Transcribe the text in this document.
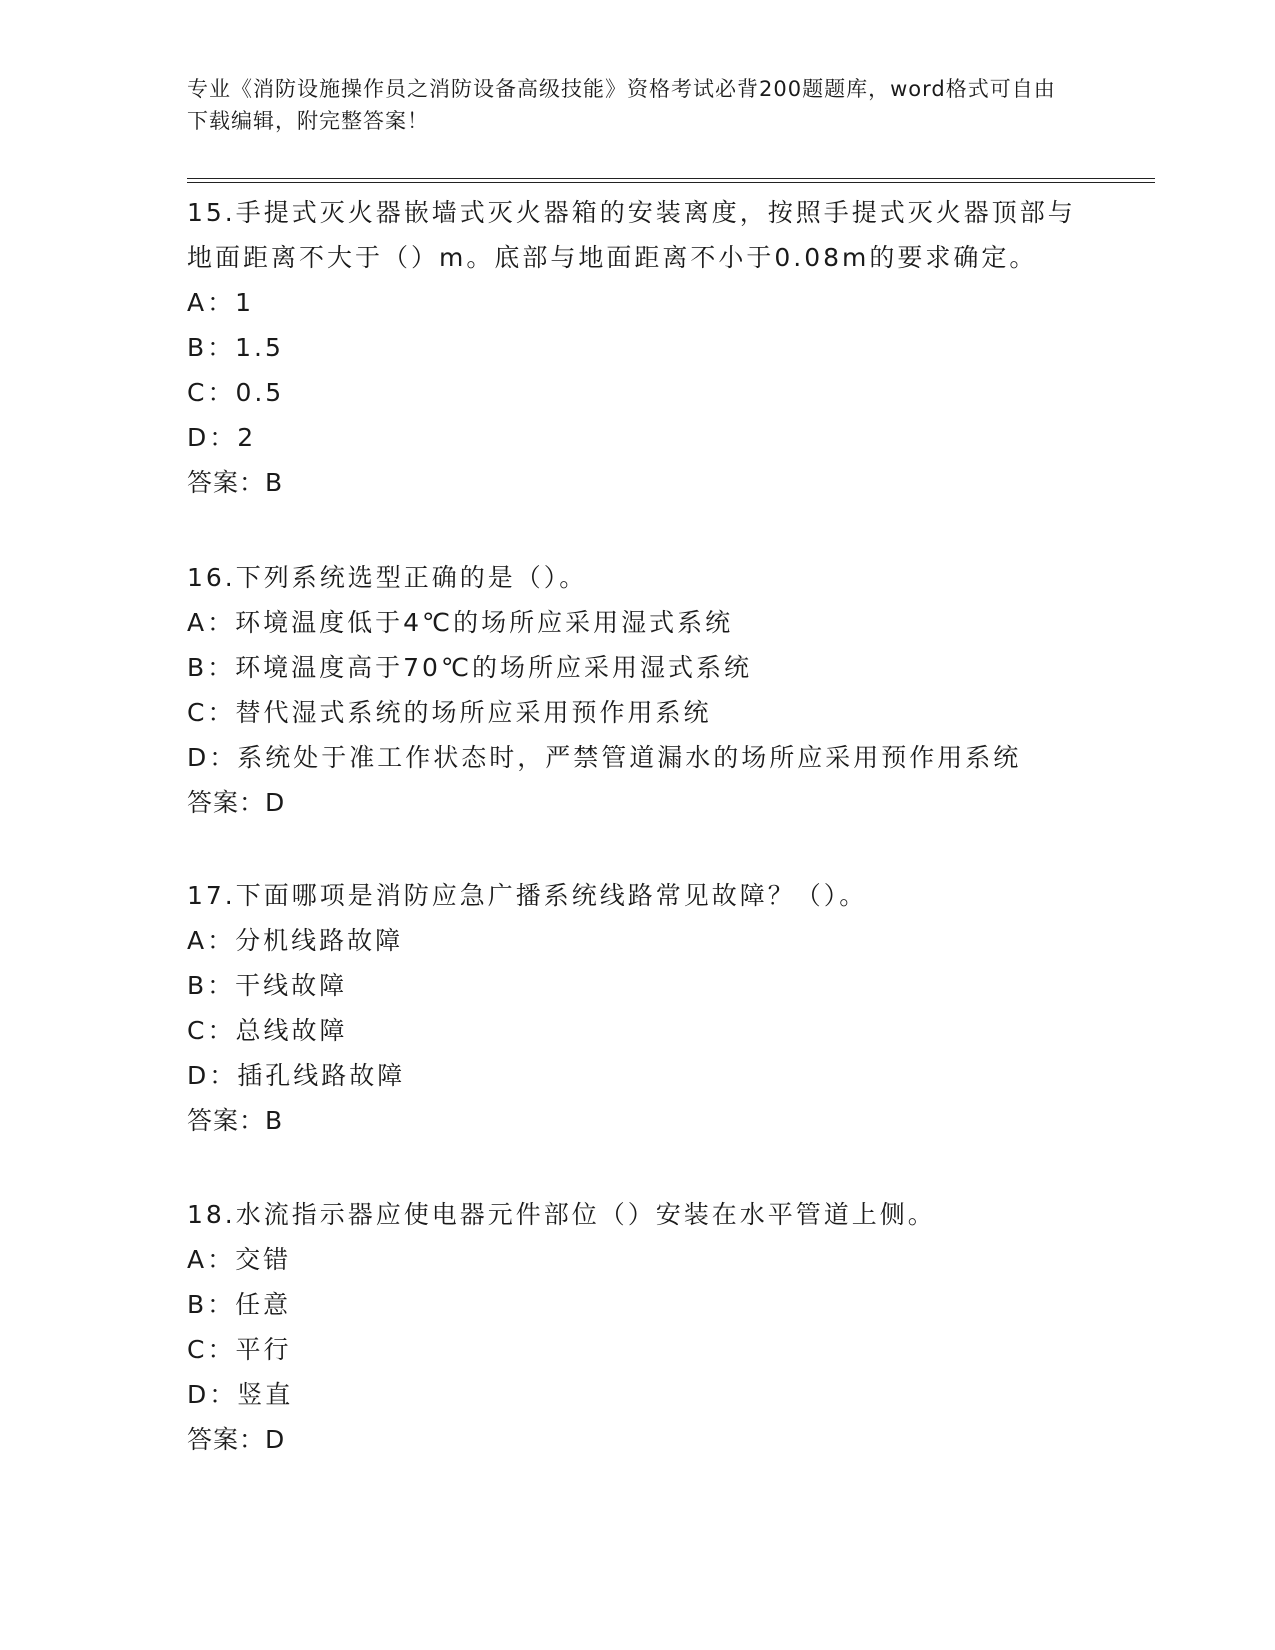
专业《消防设施操作员之消防设备高级技能》资格考试必背200题题库，word格式可自由下载编辑，附完整答案！
15.手提式灭火器嵌墙式灭火器箱的安装离度，按照手提式灭火器顶部与地面距离不大于（）m。底部与地面距离不小于0.08m的要求确定。
A：1
B：1.5
C：0.5
D：2
答案：B
16.下列系统选型正确的是（）。
A：环境温度低于4℃的场所应采用湿式系统
B：环境温度高于70℃的场所应采用湿式系统
C：替代湿式系统的场所应采用预作用系统
D：系统处于准工作状态时，严禁管道漏水的场所应采用预作用系统
答案：D
17.下面哪项是消防应急广播系统线路常见故障？（）。
A：分机线路故障
B：干线故障
C：总线故障
D：插孔线路故障
答案：B
18.水流指示器应使电器元件部位（）安装在水平管道上侧。
A：交错
B：任意
C：平行
D：竖直
答案：D
